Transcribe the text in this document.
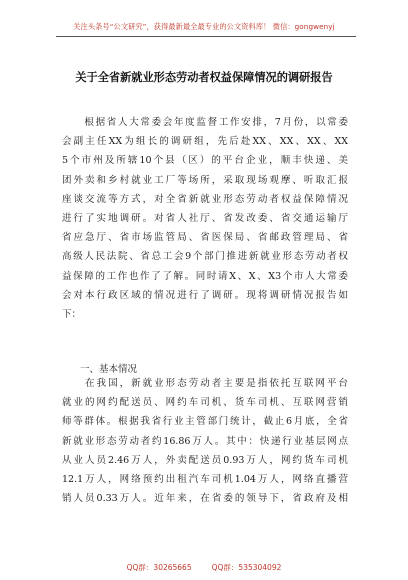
关注头条号“公文研究”，获得最新最全最专业的公文资料库！ 微信：gongwenyj
关于全省新就业形态劳动者权益保障情况的调研报告
　　根据省人大常委会年度监督工作安排，7月份，以常委
会副主任XX为组长的调研组，先后赴XX、XX、XX、XX
5个市州及所辖10个县（区）的平台企业，顺丰快递、美
团外卖和乡村就业工厂等场所，采取现场观摩、听取汇报
座谈交流等方式，对全省新就业形态劳动者权益保障情况
进行了实地调研。对省人社厅、省发改委、省交通运输厅
省应急厅、省市场监管局、省医保局、省邮政管理局、省
高级人民法院、省总工会9个部门推进新就业形态劳动者权
益保障的工作也作了了解。同时请X、X、X3个市人大常委
会对本行政区域的情况进行了调研。现将调研情况报告如
下：
一、基本情况
　　在我国，新就业形态劳动者主要是指依托互联网平台
就业的网约配送员、网约车司机、货车司机、互联网营销
师等群体。根据我省行业主管部门统计，截止6月底，全省
新就业形态劳动者约16.86万人。其中：快递行业基层网点
从业人员2.46万人，外卖配送员0.93万人，网约货车司机
12.1万人，网络预约出租汽车司机1.04万人，网络直播营
销人员0.33万人。近年来，在省委的领导下，省政府及相
QQ群：30265665	QQ群：535304092
